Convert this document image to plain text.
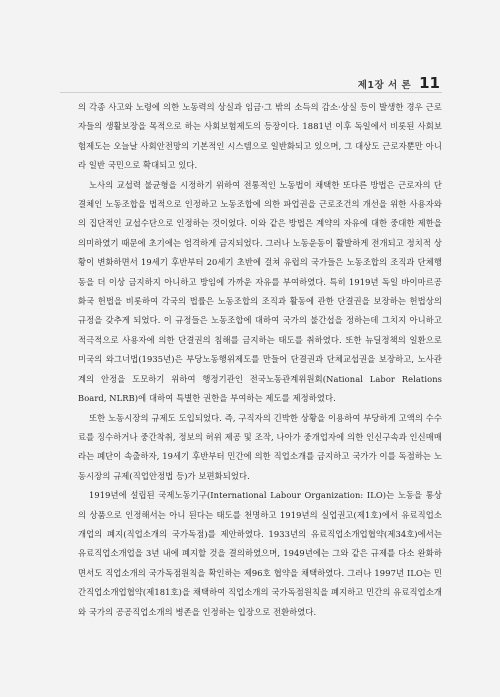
제1장 서 론 11

의 각종 사고와 노령에 의한 노동력의 상실과 임금·그 밖의 소득의 감소·상실 등이 발생한 경우 근로자들의 생활보장을 목적으로 하는 사회보험제도의 등장이다. 1881년 이후 독일에서 비롯된 사회보험제도는 오늘날 사회안전망의 기본적인 시스템으로 일반화되고 있으며, 그 대상도 근로자뿐만 아니라 일반 국민으로 확대되고 있다.

노사의 교섭력 불균형을 시정하기 위하여 전통적인 노동법이 채택한 또다른 방법은 근로자의 단결체인 노동조합을 법적으로 인정하고 노동조합에 의한 파업권을 근로조건의 개선을 위한 사용자와의 집단적인 교섭수단으로 인정하는 것이었다. 이와 같은 방법은 계약의 자유에 대한 중대한 제한을 의미하였기 때문에 초기에는 엄격하게 금지되었다. 그러나 노동운동이 활발하게 전개되고 정치적 상황이 변화하면서 19세기 후반부터 20세기 초반에 걸쳐 유럽의 국가들은 노동조합의 조직과 단체행동을 더 이상 금지하지 아니하고 방임에 가까운 자유를 부여하였다. 특히 1919년 독일 바이마르공화국 헌법을 비롯하여 각국의 법률은 노동조합의 조직과 활동에 관한 단결권을 보장하는 헌법상의 규정을 갖추게 되었다. 이 규정들은 노동조합에 대하여 국가의 불간섭을 정하는데 그치지 아니하고 적극적으로 사용자에 의한 단결권의 침해를 금지하는 태도를 취하였다. 또한 뉴딜정책의 일환으로 미국의 와그너법(1935년)은 부당노동행위제도를 만들어 단결권과 단체교섭권을 보장하고, 노사관계의 안정을 도모하기 위하여 행정기관인 전국노동관계위원회(National Labor Relations Board, NLRB)에 대하여 특별한 권한을 부여하는 제도를 제정하였다.

또한 노동시장의 규제도 도입되었다. 즉, 구직자의 긴박한 상황을 이용하여 부당하게 고액의 수수료를 징수하거나 중간착취, 정보의 허위 제공 및 조작, 나아가 중개업자에 의한 인신구속과 인신매매라는 폐단이 속출하자, 19세기 후반부터 민간에 의한 직업소개를 금지하고 국가가 이를 독점하는 노동시장의 규제(직업안정법 등)가 보편화되었다.

1919년에 설립된 국제노동기구(International Labour Organization: ILO)는 노동을 통상의 상품으로 인정해서는 아니 된다는 태도를 천명하고 1919년의 실업권고(제1호)에서 유료직업소개업의 폐지(직업소개의 국가독점)를 제안하였다. 1933년의 유료직업소개업협약(제34호)에서는 유료직업소개업을 3년 내에 폐지할 것을 결의하였으며, 1949년에는 그와 같은 규제를 다소 완화하면서도 직업소개의 국가독점원칙을 확인하는 제96호 협약을 채택하였다. 그러나 1997년 ILO는 민간직업소개업협약(제181호)을 채택하여 직업소개의 국가독점원칙을 폐지하고 민간의 유료직업소개와 국가의 공공직업소개의 병존을 인정하는 입장으로 전환하였다.
